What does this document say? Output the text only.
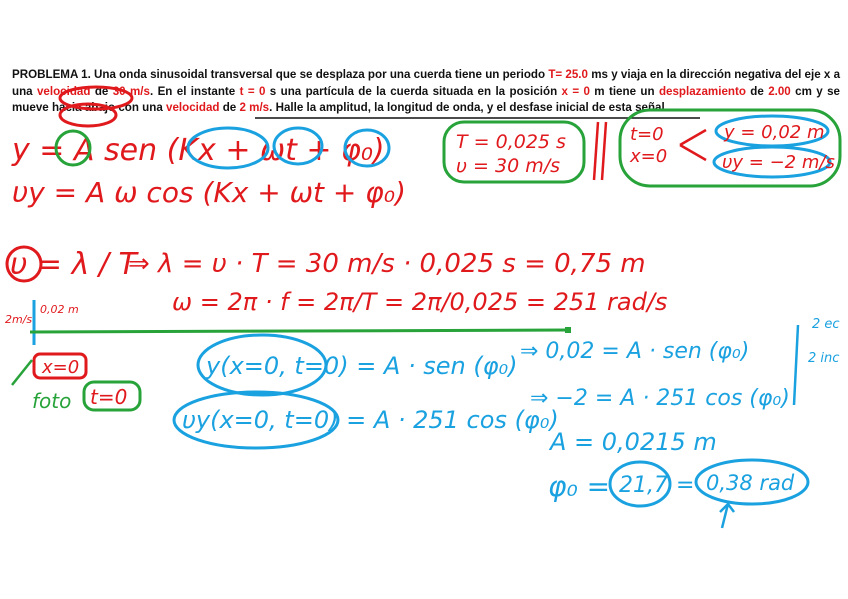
PROBLEMA 1. Una onda sinusoidal transversal que se desplaza por una cuerda tiene un periodo T= 25.0 ms y viaja en la dirección negativa del eje x a una velocidad de 30 m/s. En el instante t = 0 s una partícula de la cuerda situada en la posición x = 0 m tiene un desplazamiento de 2.00 cm y se mueve hacia abajo con una velocidad de 2 m/s. Halle la amplitud, la longitud de onda, y el desfase inicial de esta señal.
y = A sen (Kx + ωt + φ₀)
υy = A ω cos (Kx + ωt + φ₀)
T = 0,025 s
υ = 30 m/s
t=0
x=0
y = 0,02 m
υy = −2 m/s
υ = λ / T
⇒ λ = υ · T = 30 m/s · 0,025 s = 0,75 m
ω = 2π · f = 2π/T = 2π/0,025 = 251 rad/s
0,02 m
2m/s
x=0
foto t=0
y(x=0, t=0) = A · sen (φ₀)
⇒ 0,02 = A · sen (φ₀)
υy(x=0, t=0) = A · 251 cos (φ₀)
⇒ −2 = A · 251 cos (φ₀)
2 ec
2 inc
A = 0,0215 m
φ₀ = 21,7 = 0,38 rad
